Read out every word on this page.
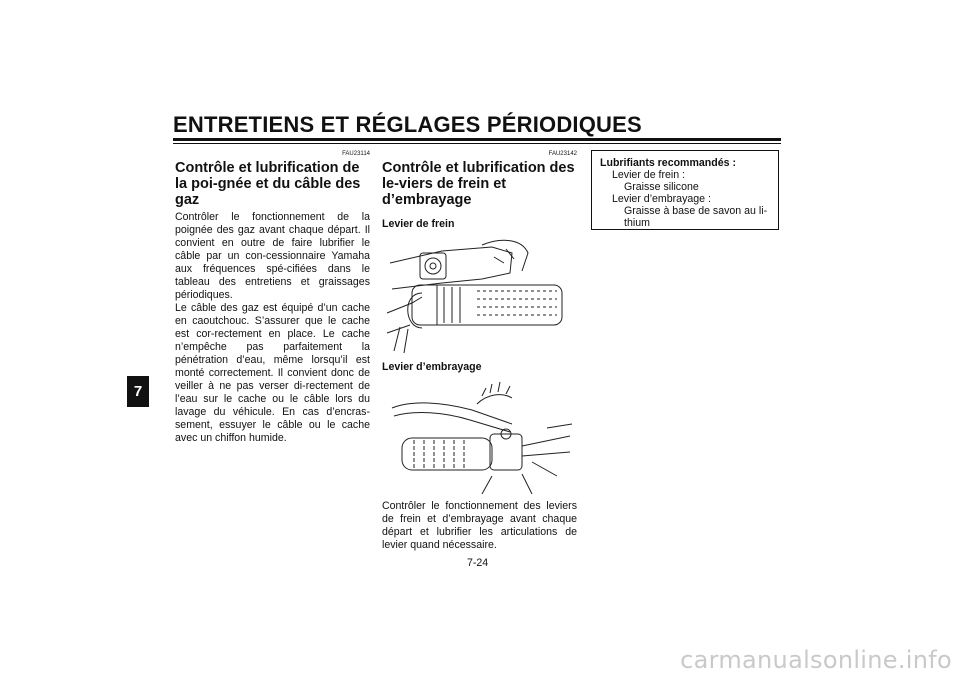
ENTRETIENS ET RÉGLAGES PÉRIODIQUES
7
FAU23114
Contrôle et lubrification de la poi-gnée et du câble des gaz

Contrôler le fonctionnement de la poignée des gaz avant chaque départ. Il convient en outre de faire lubrifier le câble par un con-cessionnaire Yamaha aux fréquences spé-cifiées dans le tableau des entretiens et graissages périodiques.

Le câble des gaz est équipé d’un cache en caoutchouc. S’assurer que le cache est cor-rectement en place. Le cache n’empêche pas parfaitement la pénétration d’eau, même lorsqu’il est monté correctement. Il convient donc de veiller à ne pas verser di-rectement de l’eau sur le cache ou le câble lors du lavage du véhicule. En cas d’encras-sement, essuyer le câble ou le cache avec un chiffon humide.

FAU23142
Contrôle et lubrification des le-viers de frein et d’embrayage
Levier de frein
Levier d’embrayage
Contrôler le fonctionnement des leviers de frein et d’embrayage avant chaque départ et lubrifier les articulations de levier quand nécessaire.
Lubrifiants recommandés :
Levier de frein :
Graisse silicone
Levier d’embrayage :
Graisse à base de savon au li-
thium
7-24
carmanualsonline.info
